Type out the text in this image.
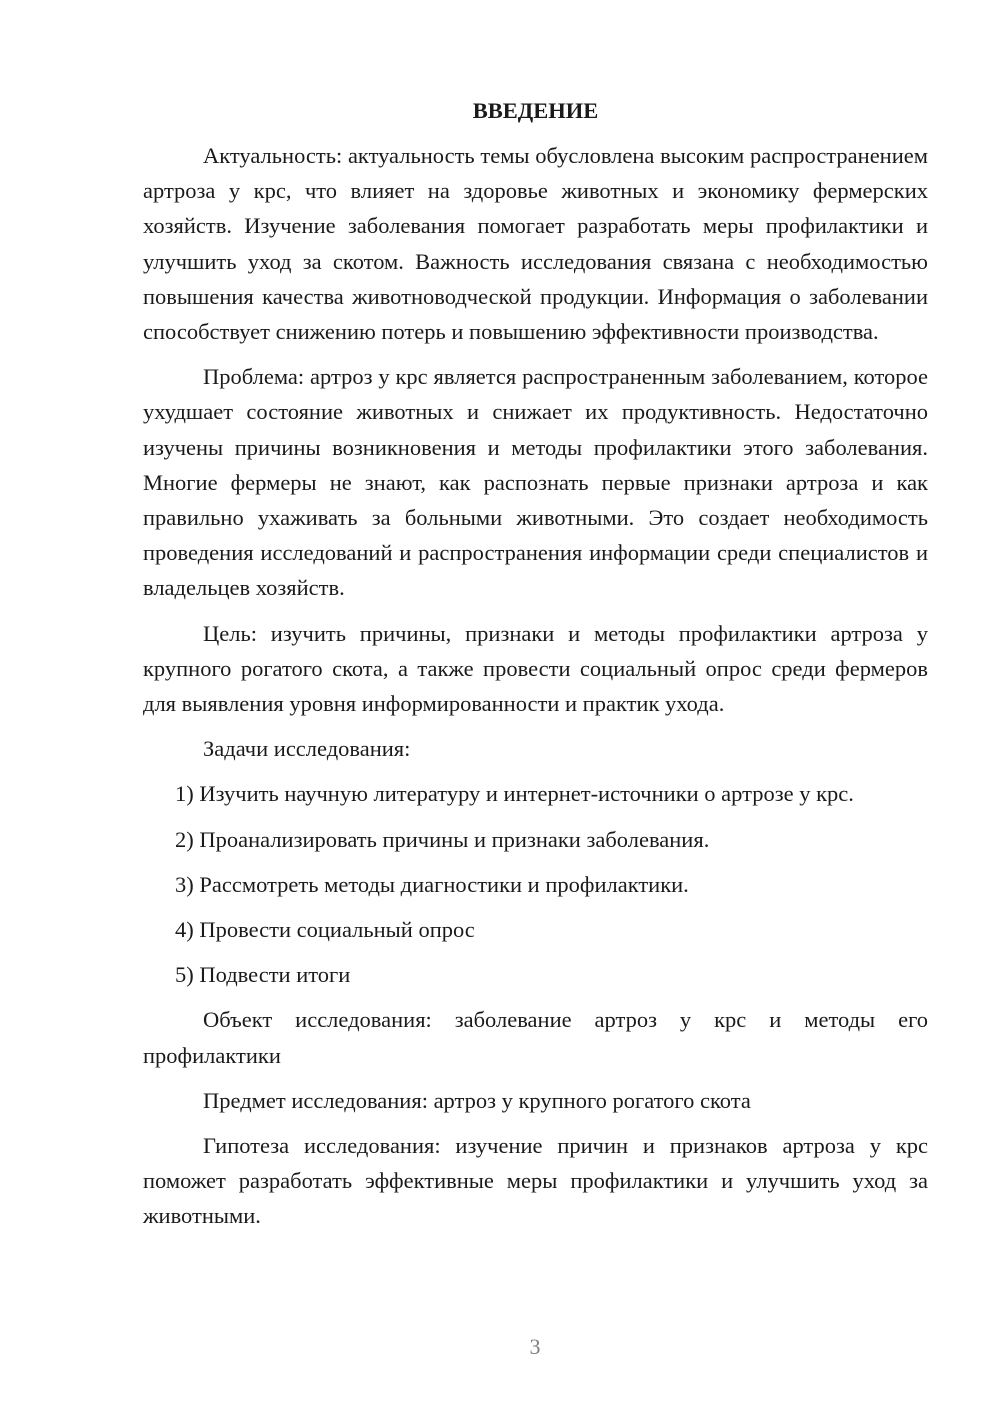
ВВЕДЕНИЕ

Актуальность: актуальность темы обусловлена высоким распространением артроза у крс, что влияет на здоровье животных и экономику фермерских хозяйств. Изучение заболевания помогает разработать меры профилактики и улучшить уход за скотом. Важность исследования связана с необходимостью повышения качества животноводческой продукции. Информация о заболевании способствует снижению потерь и повышению эффективности производства.

Проблема: артроз у крс является распространенным заболеванием, которое ухудшает состояние животных и снижает их продуктивность. Недостаточно изучены причины возникновения и методы профилактики этого заболевания. Многие фермеры не знают, как распознать первые признаки артроза и как правильно ухаживать за больными животными. Это создает необходимость проведения исследований и распространения информации среди специалистов и владельцев хозяйств.

Цель: изучить причины, признаки и методы профилактики артроза у крупного рогатого скота, а также провести социальный опрос среди фермеров для выявления уровня информированности и практик ухода.

Задачи исследования:

1) Изучить научную литературу и интернет-источники о артрозе у крс.

2) Проанализировать причины и признаки заболевания.

3) Рассмотреть методы диагностики и профилактики.

4) Провести социальный опрос

5) Подвести итоги

Объект исследования: заболевание артроз у крс и методы его профилактики

Предмет исследования: артроз у крупного рогатого скота

Гипотеза исследования: изучение причин и признаков артроза у крс поможет разработать эффективные меры профилактики и улучшить уход за животными.

3
